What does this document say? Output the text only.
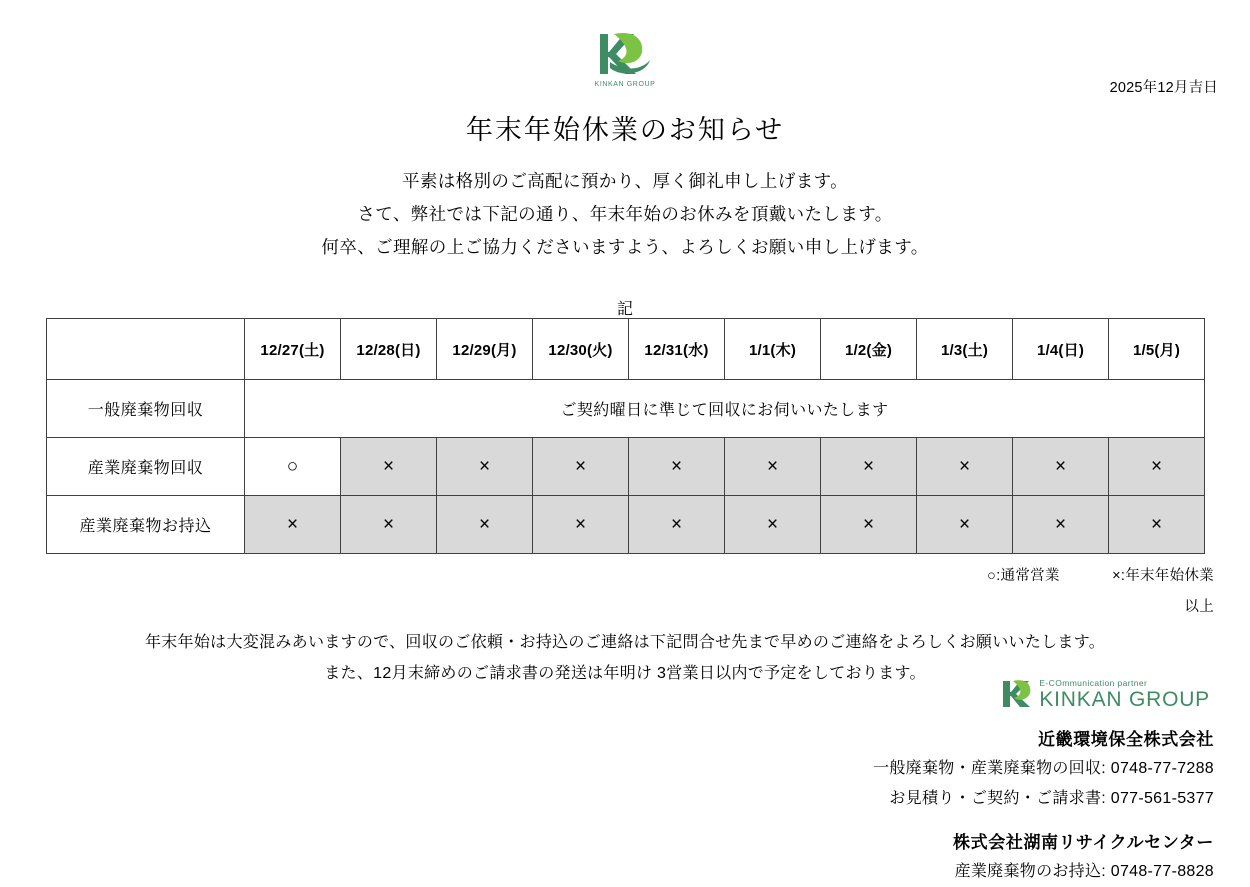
KINKAN GROUP	2025年12月吉日
年末年始休業のお知らせ
平素は格別のご高配に預かり、厚く御礼申し上げます。
さて、弊社では下記の通り、年末年始のお休みを頂戴いたします。
何卒、ご理解の上ご協力くださいますよう、よろしくお願い申し上げます。
記
	12/27(土)	12/28(日)	12/29(月)	12/30(火)	12/31(水)	1/1(木)	1/2(金)	1/3(土)	1/4(日)	1/5(月)
一般廃棄物回収	ご契約曜日に準じて回収にお伺いいたします									
産業廃棄物回収	○	×	×	×	×	×	×	×	×	×
産業廃棄物お持込	×	×	×	×	×	×	×	×	×	×
○:通常営業	×:年末年始休業
以上
年末年始は大変混みあいますので、回収のご依頼・お持込のご連絡は下記問合せ先まで早めのご連絡をよろしくお願いいたします。
また、12月末締めのご請求書の発送は年明け 3営業日以内で予定をしております。
E-COmmunication partner
KINKAN GROUP
近畿環境保全株式会社
一般廃棄物・産業廃棄物の回収: 0748-77-7288
お見積り・ご契約・ご請求書: 077-561-5377
株式会社湖南リサイクルセンター
産業廃棄物のお持込: 0748-77-8828
